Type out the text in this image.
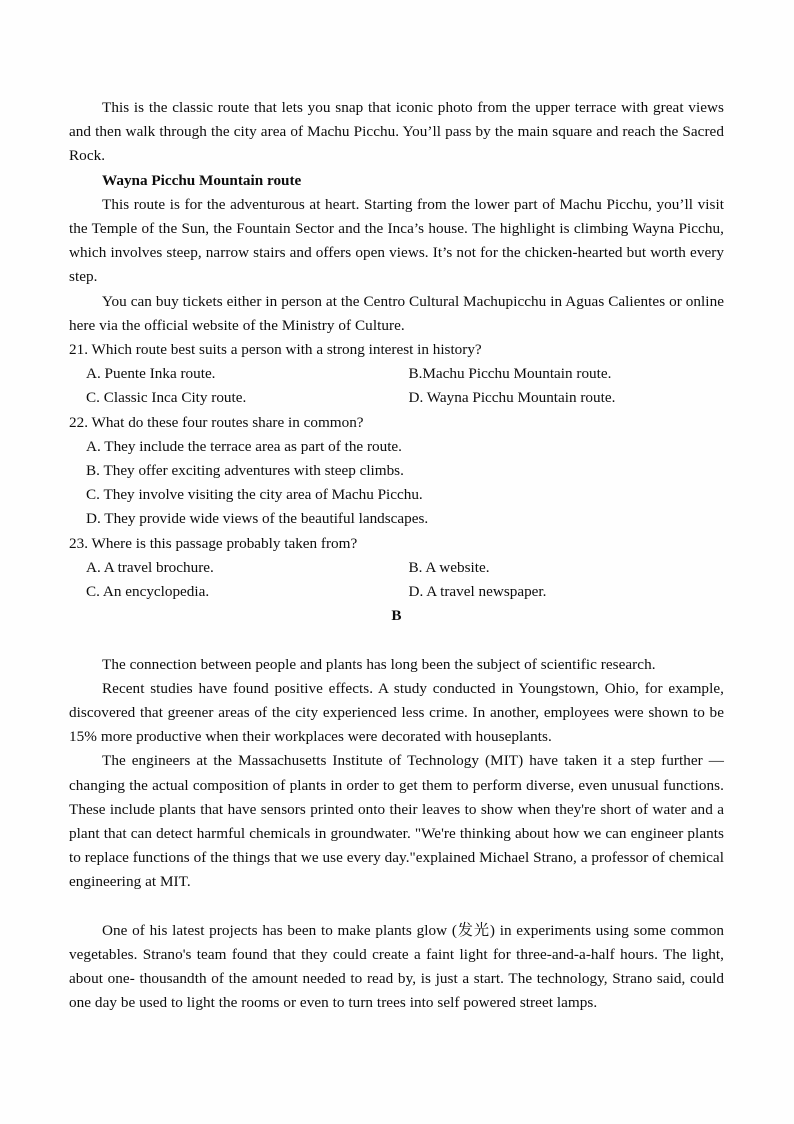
This is the classic route that lets you snap that iconic photo from the upper terrace with great views and then walk through the city area of Machu Picchu. You’ll pass by the main square and reach the Sacred Rock.

Wayna Picchu Mountain route

This route is for the adventurous at heart. Starting from the lower part of Machu Picchu, you’ll visit the Temple of the Sun, the Fountain Sector and the Inca’s house. The highlight is climbing Wayna Picchu, which involves steep, narrow stairs and offers open views. It’s not for the chicken-hearted but worth every step.

You can buy tickets either in person at the Centro Cultural Machupicchu in Aguas Calientes or online here via the official website of the Ministry of Culture.

21. Which route best suits a person with a strong interest in history?

A. Puente Inka route.	B.Machu Picchu Mountain route.
C. Classic Inca City route.	D. Wayna Picchu Mountain route.

22. What do these four routes share in common?

A. They include the terrace area as part of the route.

B. They offer exciting adventures with steep climbs.

C. They involve visiting the city area of Machu Picchu.

D. They provide wide views of the beautiful landscapes.

23. Where is this passage probably taken from?

A. A travel brochure.	B. A website.
C. An encyclopedia.	D. A travel newspaper.

B

The connection between people and plants has long been the subject of scientific research.

Recent studies have found positive effects. A study conducted in Youngstown, Ohio, for example, discovered that greener areas of the city experienced less crime. In another, employees were shown to be 15% more productive when their workplaces were decorated with houseplants.

The engineers at the Massachusetts Institute of Technology (MIT) have taken it a step further — changing the actual composition of plants in order to get them to perform diverse, even unusual functions. These include plants that have sensors printed onto their leaves to show when they're short of water and a plant that can detect harmful chemicals in groundwater. "We're thinking about how we can engineer plants to replace functions of the things that we use every day."explained Michael Strano, a professor of chemical engineering at MIT.

One of his latest projects has been to make plants glow (发光) in experiments using some common vegetables. Strano's team found that they could create a faint light for three-and-a-half hours. The light, about one- thousandth of the amount needed to read by, is just a start. The technology, Strano said, could one day be used to light the rooms or even to turn trees into self powered street lamps.
